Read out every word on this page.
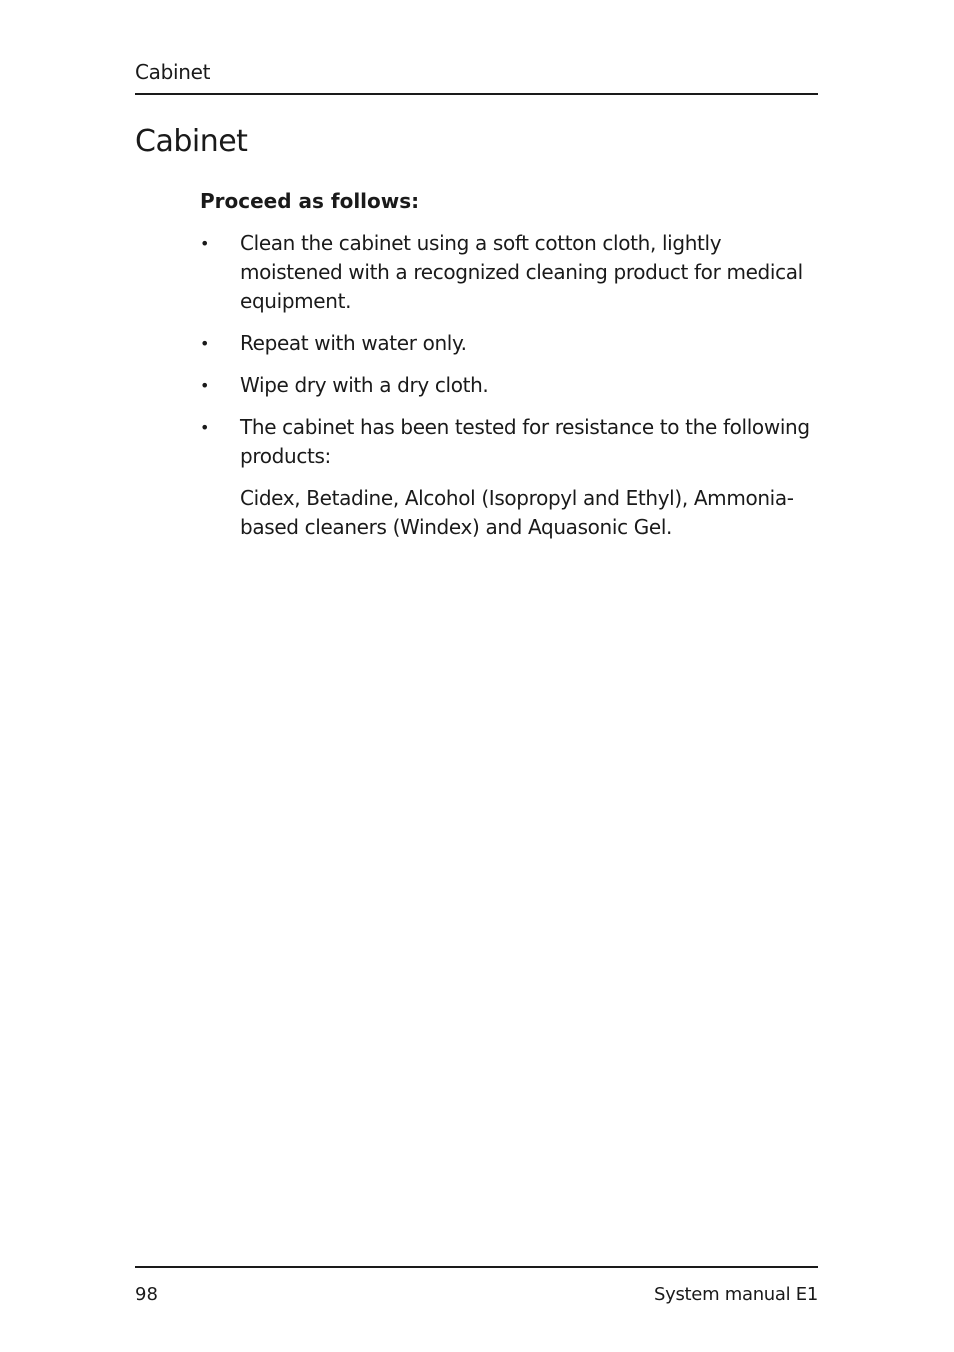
Cabinet
Cabinet

Proceed as follows:

• Clean the cabinet using a soft cotton cloth, lightly moistened with a recognized cleaning product for medical equipment.
• Repeat with water only.
• Wipe dry with a dry cloth.
• The cabinet has been tested for resistance to the following products:
Cidex, Betadine, Alcohol (Isopropyl and Ethyl), Ammonia-based cleaners (Windex) and Aquasonic Gel.
98	System manual E1
